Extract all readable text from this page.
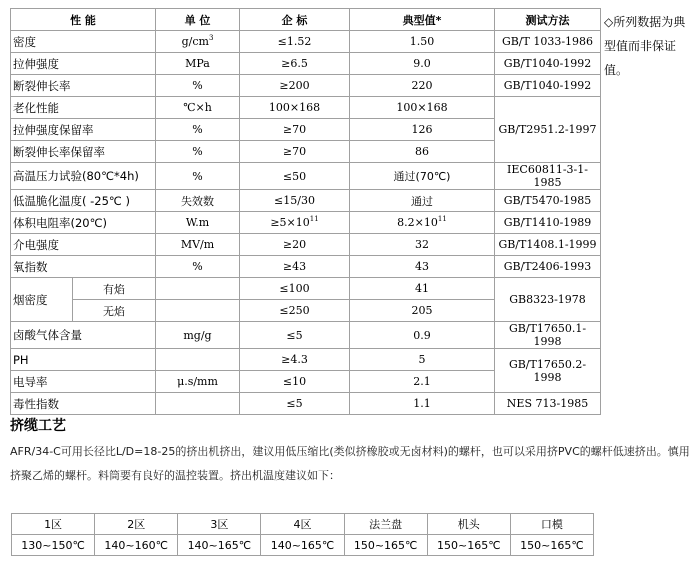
性 能		单 位	企 标	典型值*	测试方法
密度		$g/cm^3$	≤1.52	1.50	GB/T 1033-1986
拉伸强度		MPa	≥6.5	9.0	GB/T1040-1992
断裂伸长率		%	≥200	220	GB/T1040-1992
老化性能		℃×h	100×168	100×168	GB/T2951.2-1997
拉伸强度保留率		%	≥70	126	
断裂伸长率保留率		%	≥70	86	
高温压力试验(80℃*4h)		%	≤50	通过(70℃)	IEC60811-3-1-1985
低温脆化温度( -25℃ )		失效数	≤15/30	通过	GB/T5470-1985
体积电阻率(20℃)		W.m	$\ge 5\times 10^{11}$	$8.2\times 10^{11}$	GB/T1410-1989
介电强度		MV/m	≥20	32	GB/T1408.1-1999
氧指数		%	≥43	43	GB/T2406-1993
烟密度	有焰		≤100	41	GB8323-1978
	无焰		≤250	205	
卤酸气体含量		mg/g	≤5	0.9	GB/T17650.1-1998
PH			≥4.3	5	GB/T17650.2-1998
电导率		μ.s/mm	≤10	2.1	
毒性指数			≤5	1.1	NES 713-1985
◇所列数据为典型值而非保证值。
挤缆工艺

AFR/34-C可用长径比L/D=18-25的挤出机挤出，建议用低压缩比(类似挤橡胶或无卤材料)的螺杆，也可以采用挤PVC的螺杆低速挤出。慎用挤聚乙烯的螺杆。料筒要有良好的温控装置。挤出机温度建议如下：

1区	2区	3区	4区	法兰盘	机头	口模
130~150℃	140~160℃	140~165℃	140~165℃	150~165℃	150~165℃	150~165℃
